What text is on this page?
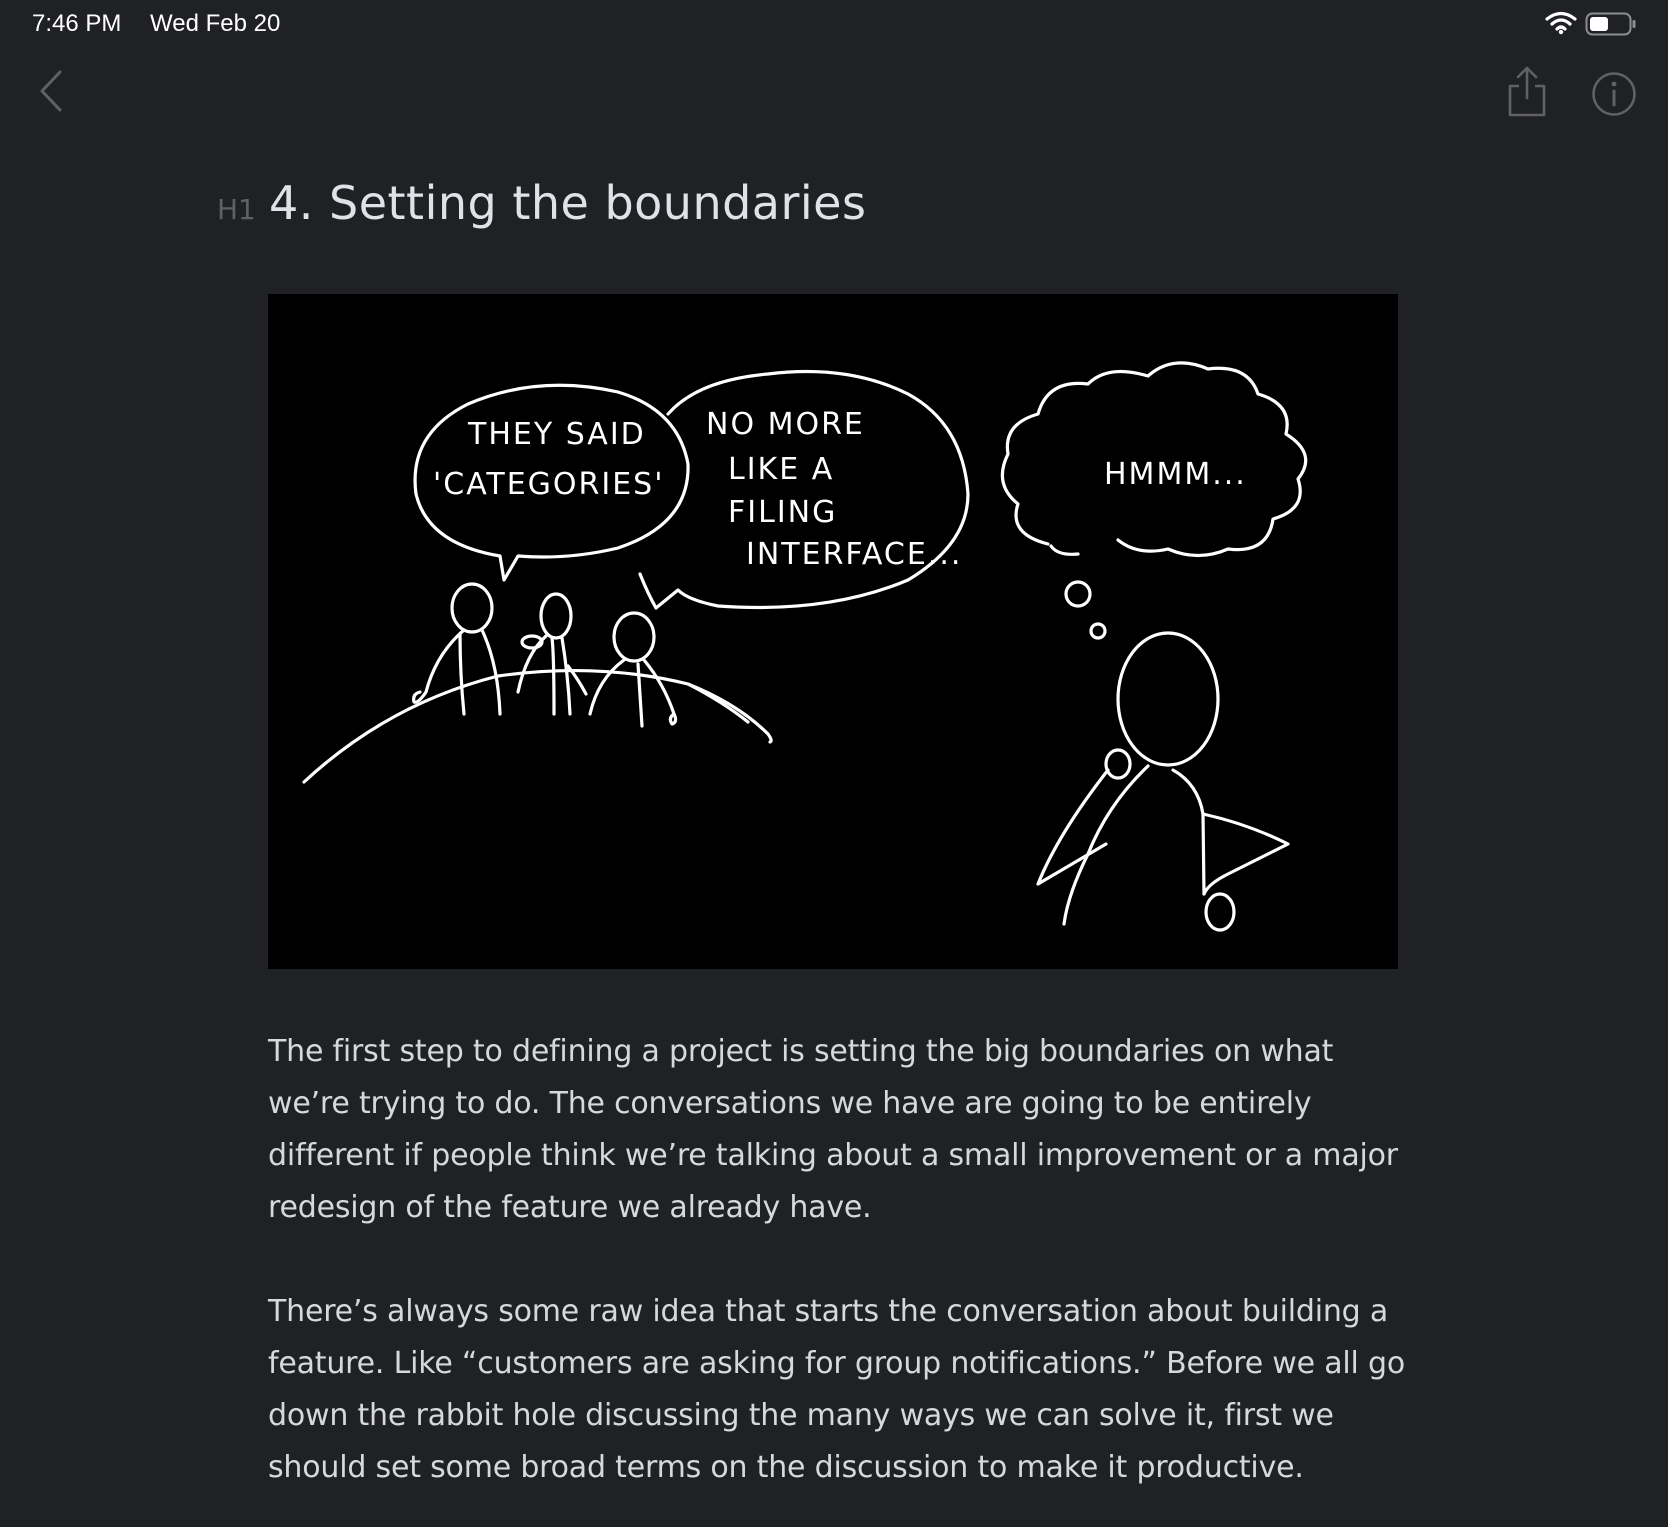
7:46 PM Wed Feb 20
H1 4. Setting the boundaries
THEY SAID
'CATEGORIES'
NO MORE
LIKE A
FILING
INTERFACE...
HMMM...

The first step to defining a project is setting the big boundaries on what we’re trying to do. The conversations we have are going to be entirely different if people think we’re talking about a small improvement or a major redesign of the feature we already have.

There’s always some raw idea that starts the conversation about building a feature. Like “customers are asking for group notifications.” Before we all go down the rabbit hole discussing the many ways we can solve it, first we should set some broad terms on the discussion to make it productive.
